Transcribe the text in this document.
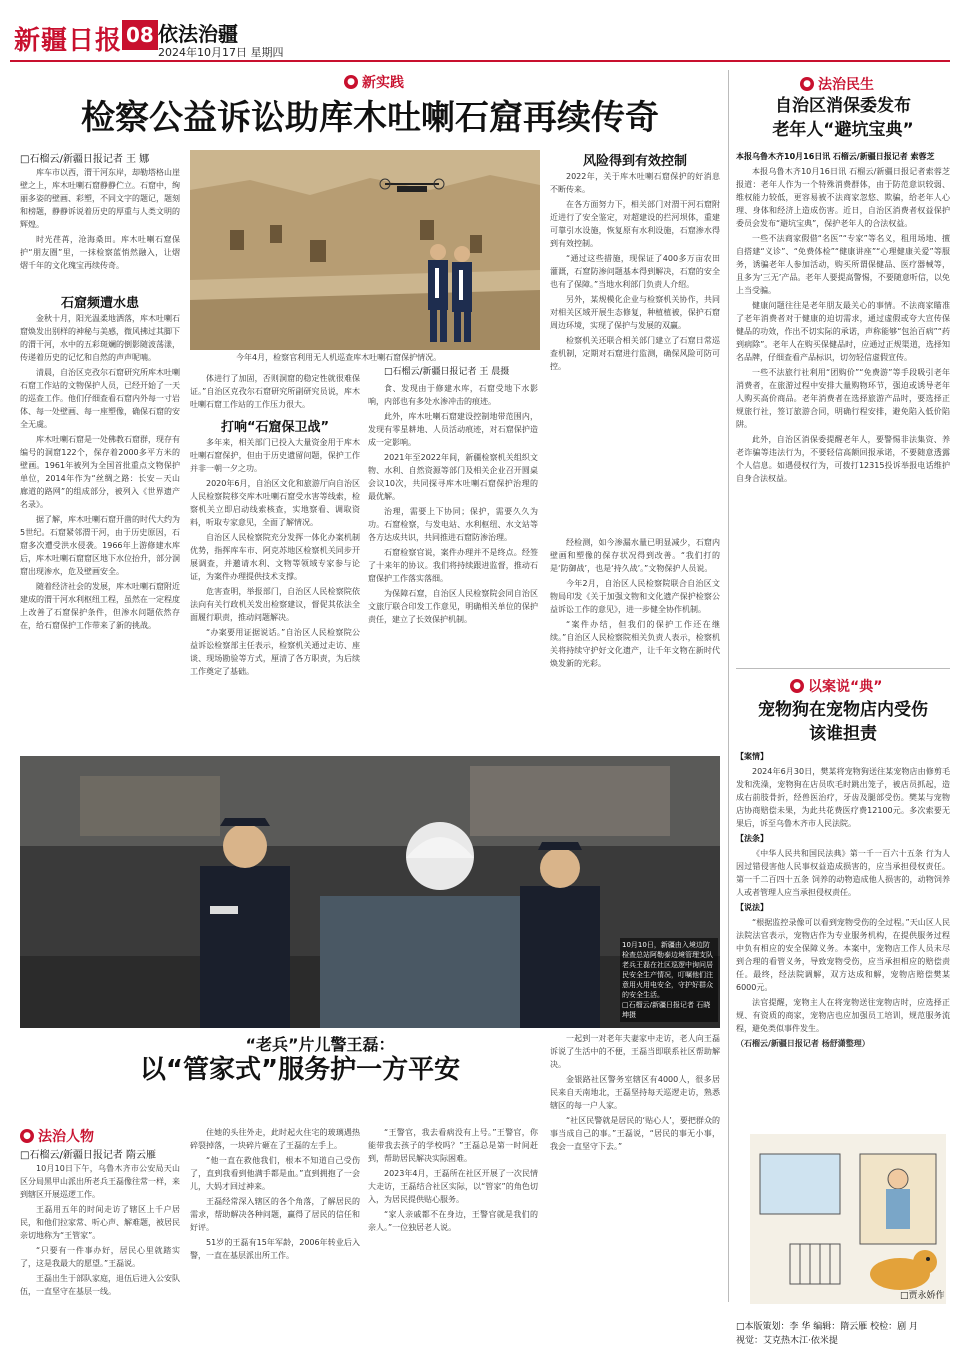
新疆日报 08 依法治疆
2024年10月17日 星期四
● 新实践
检察公益诉讼助库木吐喇石窟再续传奇
□石榴云/新疆日报记者 王 娜

库车市以西，渭干河东岸，却勒塔格山崖壁之上，库木吐喇石窟静静伫立。石窟中，绚丽多姿的壁画、彩塑，不同文字的题记，题刻和榜题，静静诉说着历史的厚重与人类文明的辉煌。

时光荏苒，沧海桑田。库木吐喇石窟保护“朋友圈”里，一抹检察蓝悄然融入，让熠熠千年的文化瑰宝再续传奇。

石窟频遭水患

金秋十月，阳光温柔地洒落，库木吐喇石窟焕发出别样的神秘与美感，微风拂过其脚下的渭干河，水中的五彩斑斓的倒影随波荡漾，传递着历史的记忆和自然的声声呢喃。

清晨，自治区克孜尔石窟研究所库木吐喇石窟工作站的文物保护人员，已经开始了一天的巡查工作。他们仔细查看石窟内外每一寸岩体、每一处壁画、每一座塑像，确保石窟的安全无虞。

库木吐喇石窟是一处佛教石窟群，现存有编号的洞窟122个，保存着2000多平方米的壁画。1961年被列为全国首批重点文物保护单位，2014年作为“丝绸之路：长安－天山廊道的路网”的组成部分，被列入《世界遗产名录》。

据了解，库木吐喇石窟开凿的时代大约为5世纪。石窟紧邻渭干河，由于历史原因，石窟多次遭受洪水侵袭。1966年上游修建水库后，库木吐喇石窟窟区地下水位抬升，部分洞窟出现渗水，危及壁画安全。

随着经济社会的发展，库木吐喇石窟附近建成的渭干河水利枢纽工程，虽然在一定程度上改善了石窟保护条件，但渗水问题依然存在，给石窟保护工作带来了新的挑战。

今年4月，检察官利用无人机巡查库木吐喇石窟保护情况。
□石榴云/新疆日报记者 王 晨摄

体进行了加固，否则洞窟的稳定性就很难保证。”自治区克孜尔石窟研究所副研究员说，库木吐喇石窟工作站的工作压力很大。

打响“石窟保卫战”

多年来，相关部门已投入大量资金用于库木吐喇石窟保护，但由于历史遗留问题，保护工作并非一朝一夕之功。

2020年6月，自治区文化和旅游厅向自治区人民检察院移交库木吐喇石窟受水害等线索，检察机关立即启动线索核查，实地察看、调取资料，听取专家意见，全面了解情况。

自治区人民检察院充分发挥一体化办案机制优势，指挥库车市、阿克苏地区检察机关同步开展调查，并邀请水利、文物等领域专家参与论证，为案件办理提供技术支撑。

危害查明，举报部门，自治区人民检察院依法向有关行政机关发出检察建议，督促其依法全面履行职责，推动问题解决。

“办案要用证据说话。”自治区人民检察院公益诉讼检察部主任表示，检察机关通过走访、座谈、现场勘验等方式，厘清了各方职责，为后续工作奠定了基础。

食、发现由于修建水库，石窟受地下水影响，内部也有多处水渗冲击的痕迹。

此外，库木吐喇石窟建设控制地带范围内，发现有零星耕地、人员活动痕迹，对石窟保护造成一定影响。

2021年至2022年间，新疆检察机关组织文物、水利、自然资源等部门及相关企业召开圆桌会议10次，共同探寻库木吐喇石窟保护治理的最优解。

治理，需要上下协同；保护，需要久久为功。石窟检察，与发电站、水利枢纽、水文站等各方达成共识，共同推进石窟防渗治理。

石窟检察官说，案件办理并不是终点。经签了十来年的协议。我们将持续跟进监督，推动石窟保护工作落实落细。

为保障石窟，自治区人民检察院会同自治区文旅厅联合印发工作意见，明确相关单位的保护责任，建立了长效保护机制。

风险得到有效控制

2022年，关于库木吐喇石窟保护的好消息不断传来。

在各方面努力下，相关部门对渭干河石窟附近进行了安全鉴定，对超建设的拦河坝体，重建可靠引水设施，恢复原有水利设施，石窟渗水得到有效控制。

“通过这些措施，现保证了400多万亩农田灌溉，石窟防渗问题基本得到解决，石窟的安全也有了保障。”当地水利部门负责人介绍。

另外，某规模化企业与检察机关协作，共同对相关区域开展生态修复，种植植被，保护石窟周边环境，实现了保护与发展的双赢。

检察机关还联合相关部门建立了石窟日常巡查机制，定期对石窟进行监测，确保风险可防可控。

经检测，如今渗漏水量已明显减少，石窟内壁画和塑像的保存状况得到改善。“我们打的是‘防御战’，也是‘持久战’。”文物保护人员说。

今年2月，自治区人民检察院联合自治区文物局印发《关于加强文物和文化遗产保护检察公益诉讼工作的意见》，进一步健全协作机制。

“案件办结，但我们的保护工作还在继续。”自治区人民检察院相关负责人表示，检察机关将持续守护好文化遗产，让千年文物在新时代焕发新的光彩。

● 法治民生
自治区消保委发布
老年人“避坑宝典”

本报乌鲁木齐10月16日讯 石榴云/新疆日报记者 索蓉芝

本报乌鲁木齐10月16日讯 石榴云/新疆日报记者索蓉芝报道：老年人作为一个特殊消费群体，由于防范意识较弱、维权能力较低，更容易被不法商家忽悠、欺骗，给老年人心理、身体和经济上造成伤害。近日，自治区消费者权益保护委员会发布“避坑宝典”，保护老年人的合法权益。

一些不法商家假借“名医”“专家”等名义，租用场地、擅自搭建“义诊”、“免费体检”“健康讲座”“心理健康关爱”等服务，诱骗老年人参加活动，购买所谓保健品、医疗器械等，且多为‘三无’产品。老年人要提高警惕，不要随意听信，以免上当受骗。

健康问题往往是老年朋友最关心的事情。不法商家瞄准了老年消费者对于健康的迫切需求，通过虚假或夸大宣传保健品的功效，作出不切实际的承诺，声称能够“包治百病”“药到病除”。老年人在购买保健品时，应通过正规渠道，选择知名品牌，仔细查看产品标识，切勿轻信虚假宣传。

一些不法旅行社利用“团购价”“免费游”等手段吸引老年消费者，在旅游过程中安排大量购物环节，强迫或诱导老年人购买高价商品。老年消费者在选择旅游产品时，要选择正规旅行社，签订旅游合同，明确行程安排，避免陷入低价陷阱。

此外，自治区消保委提醒老年人，要警惕非法集资、养老诈骗等违法行为，不要轻信高额回报承诺，不要随意透露个人信息。如遇侵权行为，可拨打12315投诉举报电话维护自身合法权益。

● 以案说“典”
宠物狗在宠物店内受伤
该谁担责

【案情】

2024年6月30日，樊某将宠物狗送往某宠物店由修剪毛发和洗澡，宠物狗在店员吹毛时跳出笼子，被店员抓起，造成右前肢骨折，经兽医治疗，牙齿及腿部受伤。樊某与宠物店协商赔偿未果，为此共花费医疗费12100元。多次索要无果后，诉至乌鲁木齐市人民法院。

【法条】

《中华人民共和国民法典》第一千一百六十五条 行为人因过错侵害他人民事权益造成损害的，应当承担侵权责任。第一千二百四十五条 饲养的动物造成他人损害的，动物饲养人或者管理人应当承担侵权责任。

【说法】

“根据监控录像可以看到宠物受伤的全过程。”天山区人民法院法官表示，宠物店作为专业服务机构，在提供服务过程中负有相应的安全保障义务。本案中，宠物店工作人员未尽到合理的看管义务，导致宠物受伤，应当承担相应的赔偿责任。最终，经法院调解，双方达成和解，宠物店赔偿樊某6000元。

法官提醒，宠物主人在将宠物送往宠物店时，应选择正规、有资质的商家，宠物店也应加强员工培训，规范服务流程，避免类似事件发生。

（石榴云/新疆日报记者 杨舒潇整理）

□贾永娇作
10月10日，新疆由入境边防检查总站阿勒泰边境管理支队老兵王磊在社区巡逻中询问居民安全生产情况，叮嘱他们注意用火用电安全，守护好群众的安全生活。
□石榴云/新疆日报记者 石晓坤摄
“老兵”片儿警王磊：
以“管家式”服务护一方平安
● 法治人物
□石榴云/新疆日报记者 隋云雁

10月10日下午，乌鲁木齐市公安局天山区分局黑甲山派出所老兵王磊像往常一样，来到辖区开展巡逻工作。

王磊用五年的时间走访了辖区上千户居民，和他们拉家常、听心声、解难题，被居民亲切地称为“王管家”。

“只要有一件事办好，居民心里就踏实了，这是我最大的愿望。”王磊说。

王磊出生于部队家庭，退伍后进入公安队伍，一直坚守在基层一线。

住她的头往外走，此时起火住宅的玻璃遇热碎裂掉落，一块碎片砸在了王磊的左手上。

“他一直在救他我们，根本不知道自己受伤了，直到我看到他满手都是血。”直到拥抱了一会儿，大妈才回过神来。

王磊经常深入辖区的各个角落，了解居民的需求，帮助解决各种问题，赢得了居民的信任和好评。

51岁的王磊有15年军龄，2006年转业后入警，一直在基层派出所工作。

“王警官，我去看病没有上号。”王警官，你能带我去孩子的学校吗？”王磊总是第一时间赶到，帮助居民解决实际困难。

2023年4月，王磊所在社区开展了一次民情大走访，王磊结合社区实际，以“管家”的角色切入，为居民提供贴心服务。

“家人亲戚都不在身边，王警官就是我们的亲人。”一位独居老人说。

一起到一对老年夫妻家中走访，老人向王磊诉说了生活中的不便，王磊当即联系社区帮助解决。

金银路社区警务室辖区有4000人，很多居民来自天南地北，王磊坚持每天巡逻走访，熟悉辖区的每一户人家。

“社区民警就是居民的‘贴心人’，要把群众的事当成自己的事。”王磊说，“居民的事无小事，我会一直坚守下去。”

□本版策划：李 华 编辑：隋云雁 校检：剧 月
视觉：艾克热木江·依米提
